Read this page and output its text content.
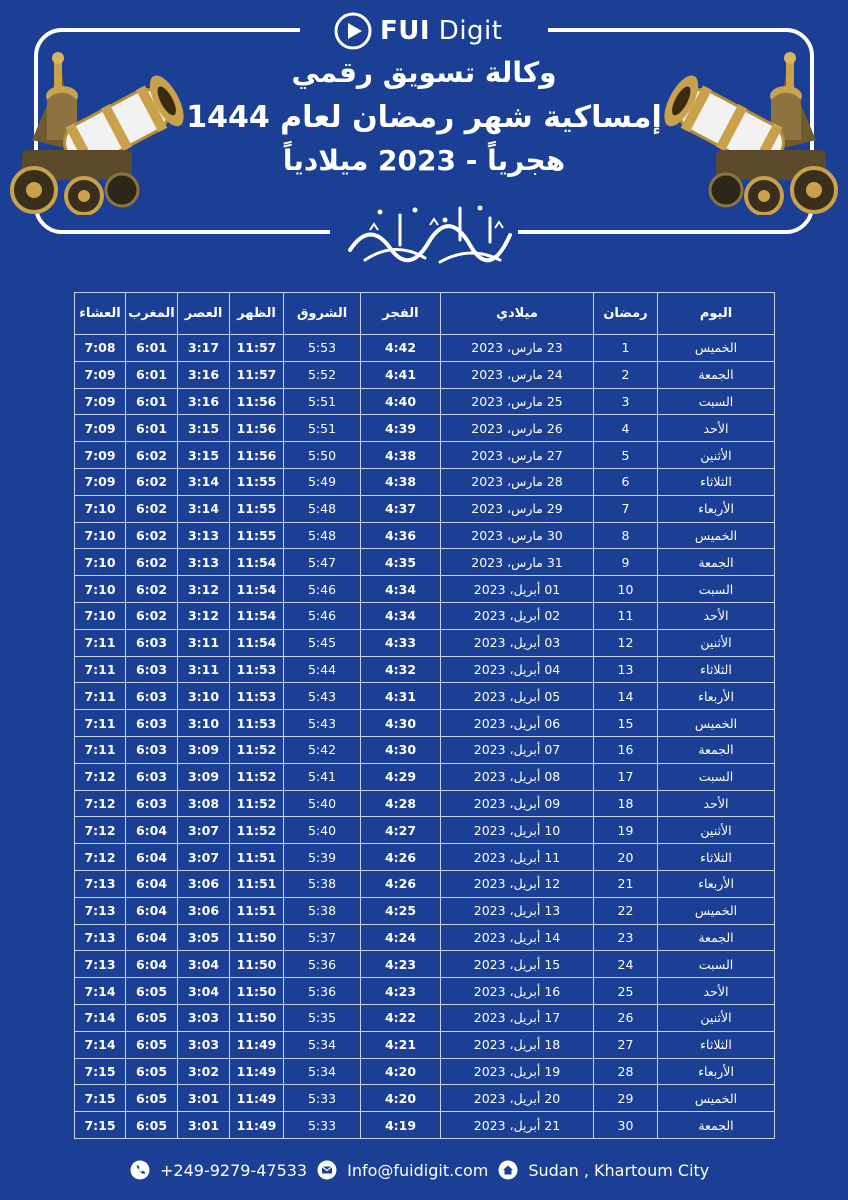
FUI Digit
وكالة تسويق رقمي
إمساكية شهر رمضان لعام 1444
هجرياً - 2023 ميلادياً
اليوم	رمضان	ميلادي	الفجر	الشروق	الظهر	العصر	المغرب	العشاء
الخميس	1	23 مارس، 2023	4:42	5:53	11:57	3:17	6:01	7:08
الجمعة	2	24 مارس، 2023	4:41	5:52	11:57	3:16	6:01	7:09
السبت	3	25 مارس، 2023	4:40	5:51	11:56	3:16	6:01	7:09
الأحد	4	26 مارس، 2023	4:39	5:51	11:56	3:15	6:01	7:09
الأثنين	5	27 مارس، 2023	4:38	5:50	11:56	3:15	6:02	7:09
الثلاثاء	6	28 مارس، 2023	4:38	5:49	11:55	3:14	6:02	7:09
الأربعاء	7	29 مارس، 2023	4:37	5:48	11:55	3:14	6:02	7:10
الخميس	8	30 مارس، 2023	4:36	5:48	11:55	3:13	6:02	7:10
الجمعة	9	31 مارس، 2023	4:35	5:47	11:54	3:13	6:02	7:10
السبت	10	01 أبريل، 2023	4:34	5:46	11:54	3:12	6:02	7:10
الأحد	11	02 أبريل، 2023	4:34	5:46	11:54	3:12	6:02	7:10
الأثنين	12	03 أبريل، 2023	4:33	5:45	11:54	3:11	6:03	7:11
الثلاثاء	13	04 أبريل، 2023	4:32	5:44	11:53	3:11	6:03	7:11
الأربعاء	14	05 أبريل، 2023	4:31	5:43	11:53	3:10	6:03	7:11
الخميس	15	06 أبريل، 2023	4:30	5:43	11:53	3:10	6:03	7:11
الجمعة	16	07 أبريل، 2023	4:30	5:42	11:52	3:09	6:03	7:11
السبت	17	08 أبريل، 2023	4:29	5:41	11:52	3:09	6:03	7:12
الأحد	18	09 أبريل، 2023	4:28	5:40	11:52	3:08	6:03	7:12
الأثنين	19	10 أبريل، 2023	4:27	5:40	11:52	3:07	6:04	7:12
الثلاثاء	20	11 أبريل، 2023	4:26	5:39	11:51	3:07	6:04	7:12
الأربعاء	21	12 أبريل، 2023	4:26	5:38	11:51	3:06	6:04	7:13
الخميس	22	13 أبريل، 2023	4:25	5:38	11:51	3:06	6:04	7:13
الجمعة	23	14 أبريل، 2023	4:24	5:37	11:50	3:05	6:04	7:13
السبت	24	15 أبريل، 2023	4:23	5:36	11:50	3:04	6:04	7:13
الأحد	25	16 أبريل، 2023	4:23	5:36	11:50	3:04	6:05	7:14
الأثنين	26	17 أبريل، 2023	4:22	5:35	11:50	3:03	6:05	7:14
الثلاثاء	27	18 أبريل، 2023	4:21	5:34	11:49	3:03	6:05	7:14
الأربعاء	28	19 أبريل، 2023	4:20	5:34	11:49	3:02	6:05	7:15
الخميس	29	20 أبريل، 2023	4:20	5:33	11:49	3:01	6:05	7:15
الجمعة	30	21 أبريل، 2023	4:19	5:33	11:49	3:01	6:05	7:15
+249-9279-47533	Info@fuidigit.com	Sudan , Khartoum City
